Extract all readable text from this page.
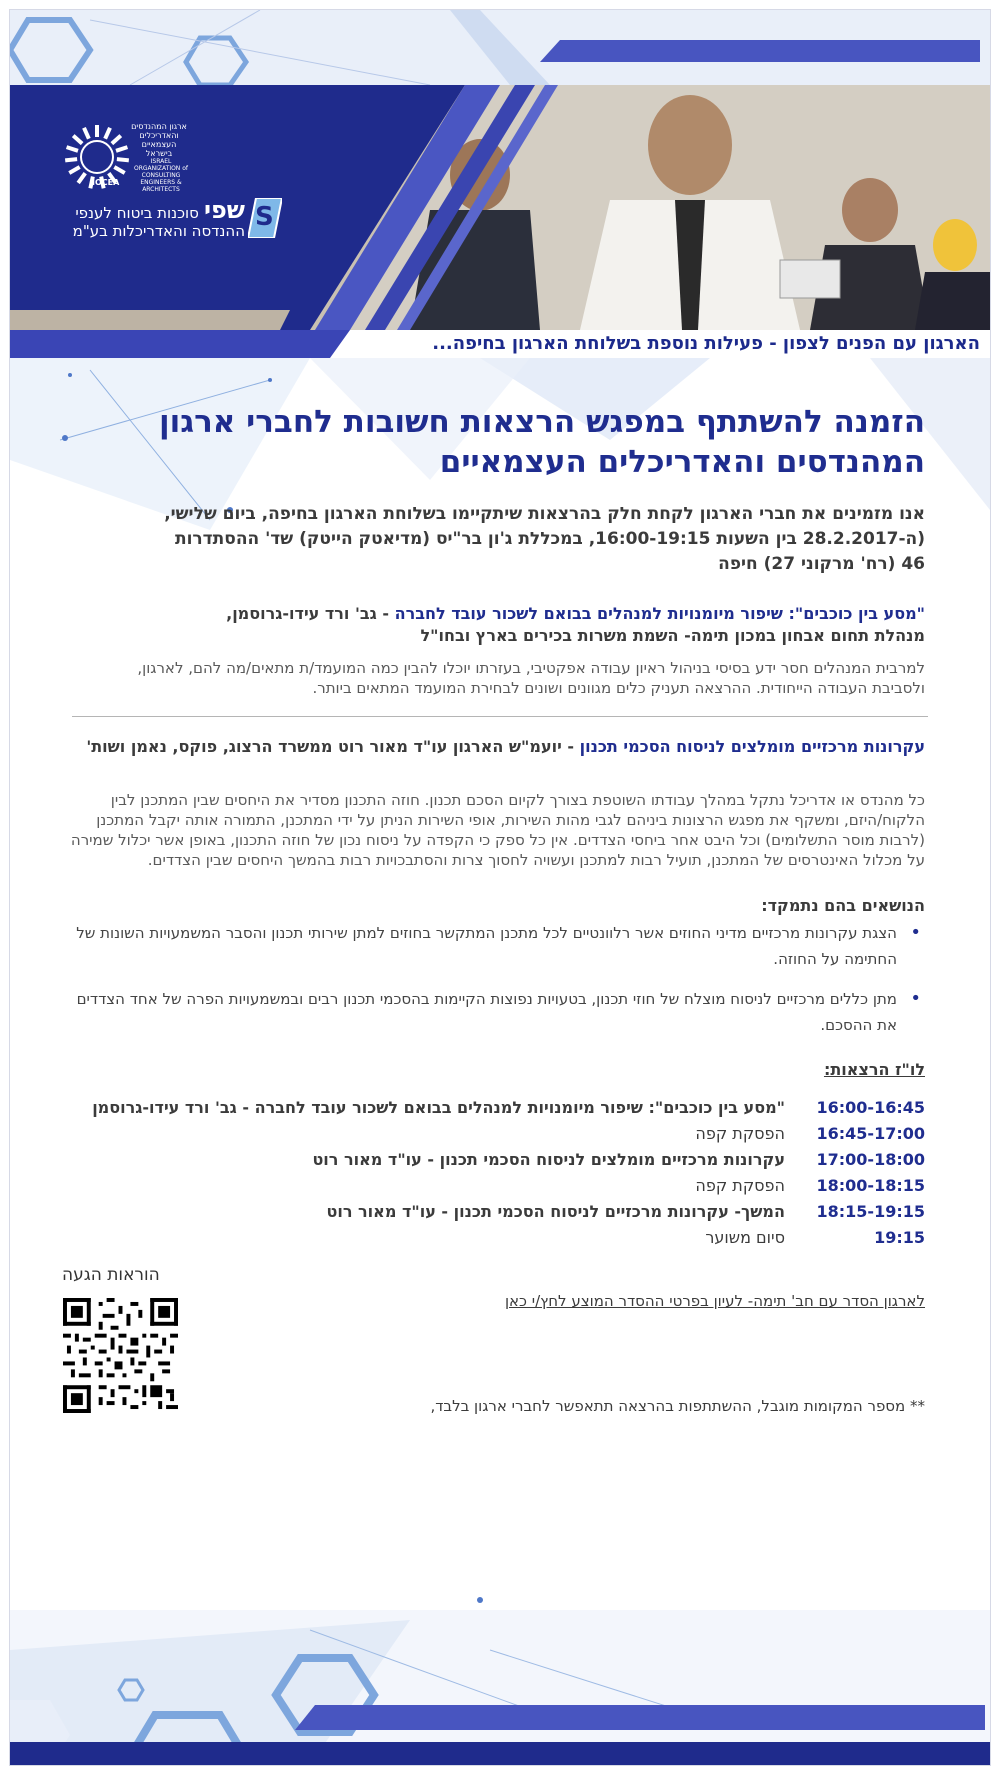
ארגון המהנדסים והאדריכלים העצמאיים בישראל
ISRAEL ORGANIZATION of CONSULTING ENGINEERS & ARCHITECTS
IOCEA
S
שפי סוכנות ביטוח לענפי
ההנדסה והאדריכלות בע"מ
הארגון עם הפנים לצפון - פעילות נוספת בשלוחת הארגון בחיפה...
הזמנה להשתתף במפגש הרצאות חשובות לחברי ארגון המהנדסים והאדריכלים העצמאיים
אנו מזמינים את חברי הארגון לקחת חלק בהרצאות שיתקיימו בשלוחת הארגון בחיפה, ביום שלישי, (ה-28.2.2017 בין השעות 16:00-19:15, במכללת ג'ון בר"יס (מדיאטק הייטק) שד' ההסתדרות 46 (רח' מרקוני 27) חיפה
"מסע בין כוכבים": שיפור מיומנויות למנהלים בבואם לשכור עובד לחברה - גב' ורד עידו-גרוסמן,
מנהלת תחום אבחון במכון תימה- השמת משרות בכירים בארץ ובחו"ל
למרבית המנהלים חסר ידע בסיסי בניהול ראיון עבודה אפקטיבי, בעזרתו יוכלו להבין כמה המועמד/ת מתאים/מה להם, לארגון, ולסביבת העבודה הייחודית. ההרצאה תעניק כלים מגוונים ושונים לבחירת המועמד המתאים ביותר.
עקרונות מרכזיים מומלצים לניסוח הסכמי תכנון - יועמ"ש הארגון עו"ד מאור רוט ממשרד הרצוג, פוקס, נאמן ושות'
כל מהנדס או אדריכל נתקל במהלך עבודתו השוטפת בצורך לקיום הסכם תכנון. חוזה התכנון מסדיר את היחסים שבין המתכנן לבין הלקוח/היזם, ומשקף את מפגש הרצונות ביניהם לגבי מהות השירות, אופי השירות הניתן על ידי המתכנן, התמורה אותה יקבל המתכנן (לרבות מוסר התשלומים) וכל היבט אחר ביחסי הצדדים. אין כל ספק כי הקפדה על ניסוח נכון של חוזה התכנון, באופן אשר יכלול שמירה על מכלול האינטרסים של המתכנן, תועיל רבות למתכנן ועשויה לחסוך צרות והסתבכויות רבות בהמשך היחסים שבין הצדדים.
הנושאים בהם נתמקד:
•
הצגת עקרונות מרכזיים מדיני החוזים אשר רלוונטיים לכל מתכנן המתקשר בחוזים למתן שירותי תכנון והסבר המשמעויות השונות של החתימה על החוזה.
•
מתן כללים מרכזיים לניסוח מוצלח של חוזי תכנון, בטעויות נפוצות הקיימות בהסכמי תכנון רבים ובמשמעויות הפרה של אחד הצדדים את ההסכם.
לו"ז הרצאות:
16:00-16:45
"מסע בין כוכבים": שיפור מיומנויות למנהלים בבואם לשכור עובד לחברה - גב' ורד עידו-גרוסמן
16:45-17:00
הפסקת קפה
17:00-18:00
עקרונות מרכזיים מומלצים לניסוח הסכמי תכנון - עו"ד מאור רוט
18:00-18:15
הפסקת קפה
18:15-19:15
המשך- עקרונות מרכזיים לניסוח הסכמי תכנון - עו"ד מאור רוט
19:15
סיום משוער
הוראות הגעה
לארגון הסדר עם חב' תימה- לעיון בפרטי ההסדר המוצע לחץ/י כאן
** מספר המקומות מוגבל, ההשתתפות בהרצאה תתאפשר לחברי ארגון בלבד,
